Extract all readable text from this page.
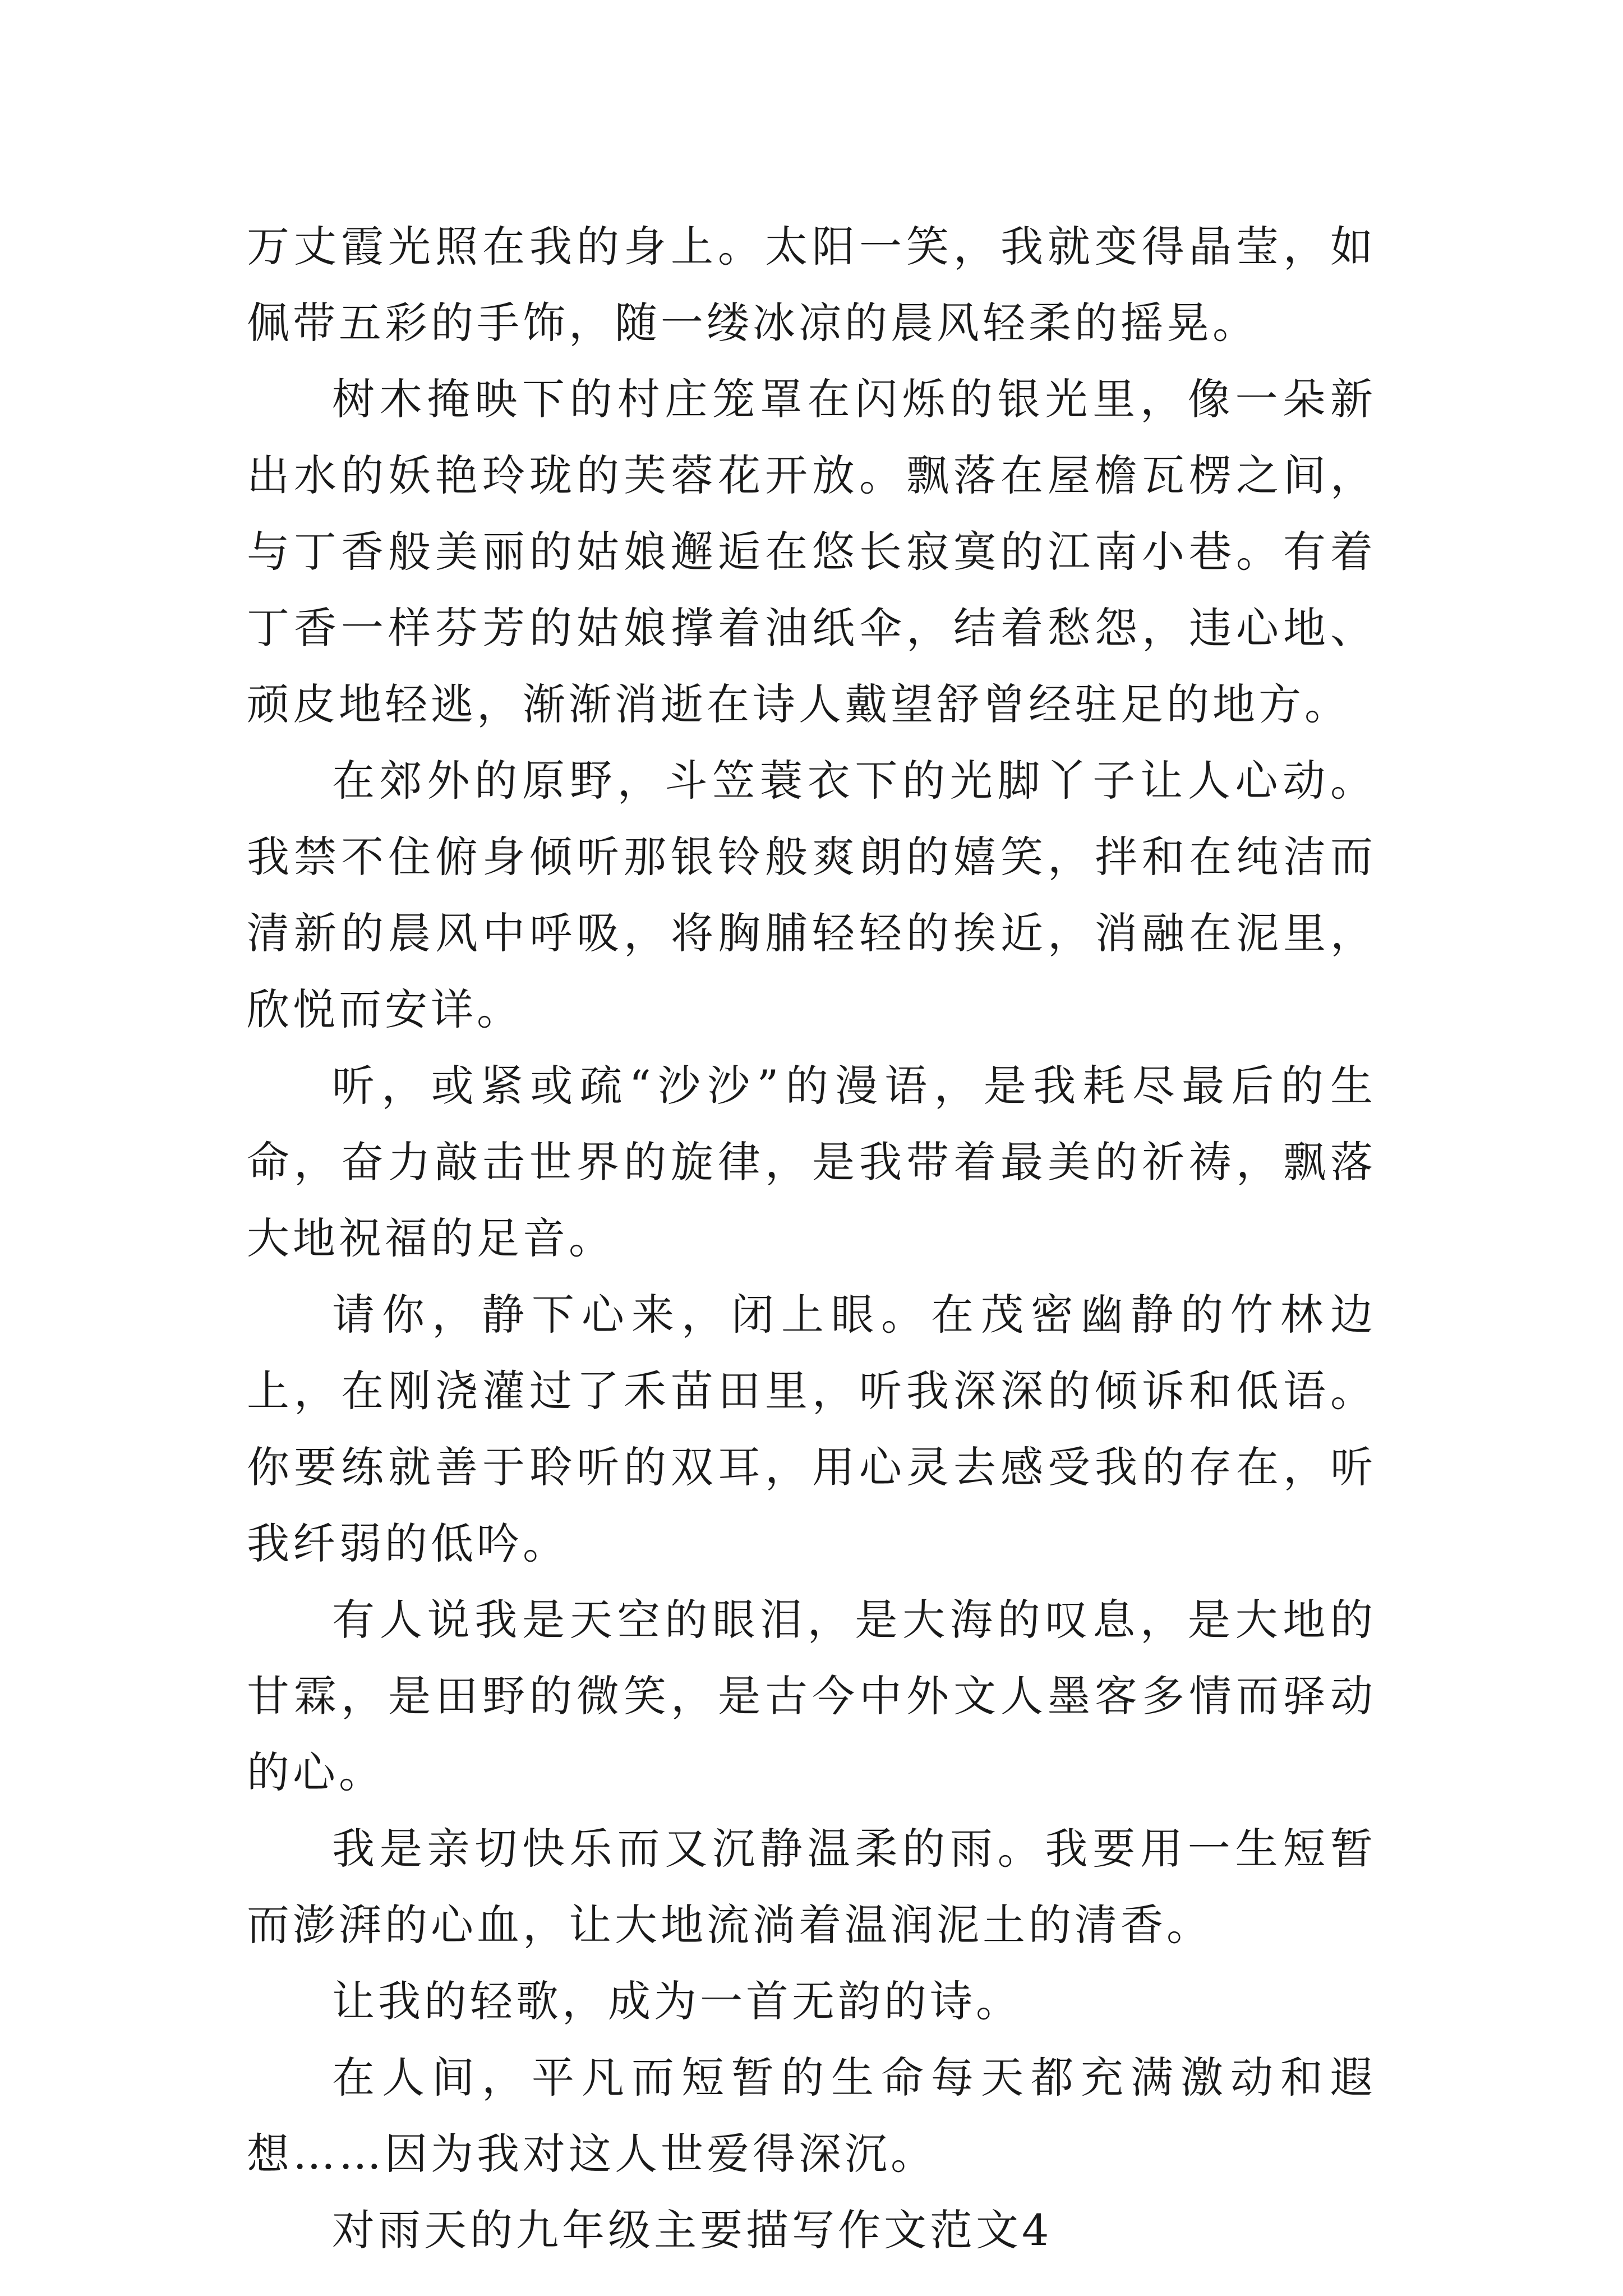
万丈霞光照在我的身上。太阳一笑，我就变得晶莹，如佩带五彩的手饰，随一缕冰凉的晨风轻柔的摇晃。

树木掩映下的村庄笼罩在闪烁的银光里，像一朵新出水的妖艳玲珑的芙蓉花开放。飘落在屋檐瓦楞之间，与丁香般美丽的姑娘邂逅在悠长寂寞的江南小巷。有着丁香一样芬芳的姑娘撑着油纸伞，结着愁怨，违心地、顽皮地轻逃，渐渐消逝在诗人戴望舒曾经驻足的地方。

在郊外的原野，斗笠蓑衣下的光脚丫子让人心动。我禁不住俯身倾听那银铃般爽朗的嬉笑，拌和在纯洁而清新的晨风中呼吸，将胸脯轻轻的挨近，消融在泥里，欣悦而安详。

听，或紧或疏“沙沙”的漫语，是我耗尽最后的生命，奋力敲击世界的旋律，是我带着最美的祈祷，飘落大地祝福的足音。

请你，静下心来，闭上眼。在茂密幽静的竹林边上，在刚浇灌过了禾苗田里，听我深深的倾诉和低语。你要练就善于聆听的双耳，用心灵去感受我的存在，听我纤弱的低吟。

有人说我是天空的眼泪，是大海的叹息，是大地的甘霖，是田野的微笑，是古今中外文人墨客多情而驿动的心。

我是亲切快乐而又沉静温柔的雨。我要用一生短暂而澎湃的心血，让大地流淌着温润泥土的清香。

让我的轻歌，成为一首无韵的诗。

在人间，平凡而短暂的生命每天都充满激动和遐想……因为我对这人世爱得深沉。

对雨天的九年级主要描写作文范文4
